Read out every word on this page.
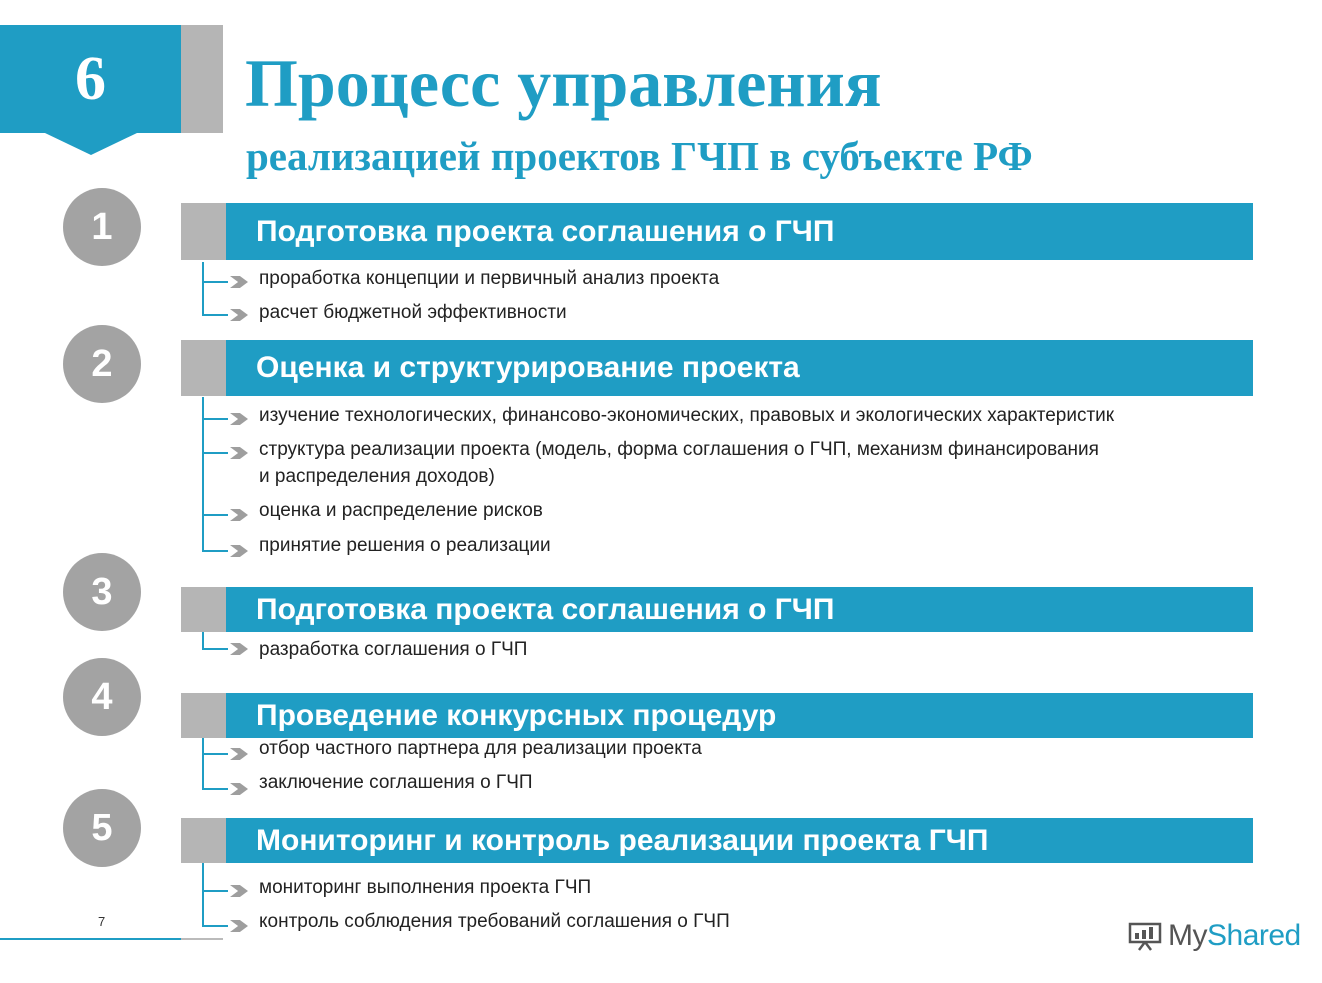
6	Процесс управления
реализацией проектов ГЧП в субъекте РФ
1	Подготовка проекта соглашения о ГЧП
проработка концепции и первичный анализ проекта
расчет бюджетной эффективности
2	Оценка и структурирование проекта
изучение технологических, финансово-экономических, правовых и экологических характеристик
структура реализации проекта (модель, форма соглашения о ГЧП, механизм финансирования
и распределения доходов)
оценка и распределение рисков
принятие решения о реализации
3	Подготовка проекта соглашения о ГЧП
разработка соглашения о ГЧП
4	Проведение конкурсных процедур
отбор частного партнера для реализации проекта
заключение соглашения о ГЧП
5	Мониторинг и контроль реализации проекта ГЧП
мониторинг выполнения проекта ГЧП
контроль соблюдения требований соглашения о ГЧП
7	MyShared
